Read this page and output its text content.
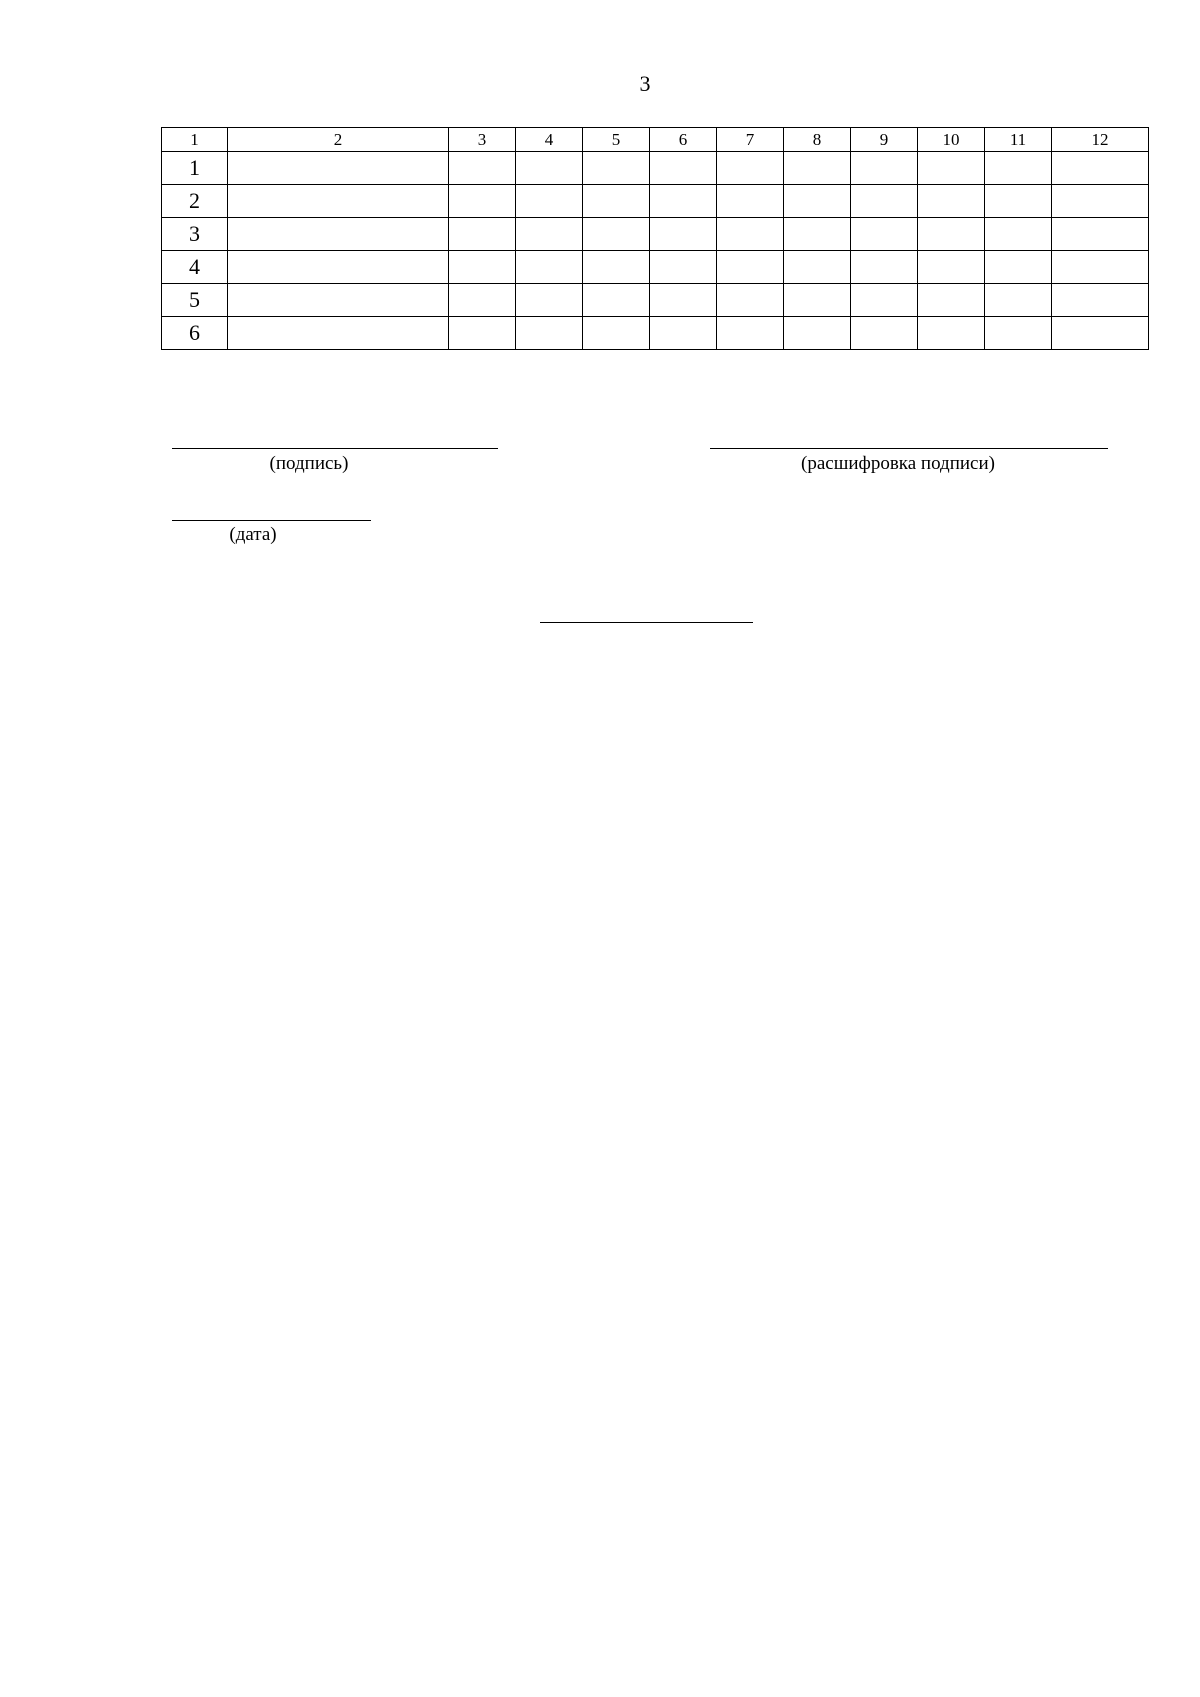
3
1	2	3	4	5	6	7	8	9	10	11	12
1											
2											
3											
4											
5											
6											
(подпись)	(расшифровка подписи)
(дата)
